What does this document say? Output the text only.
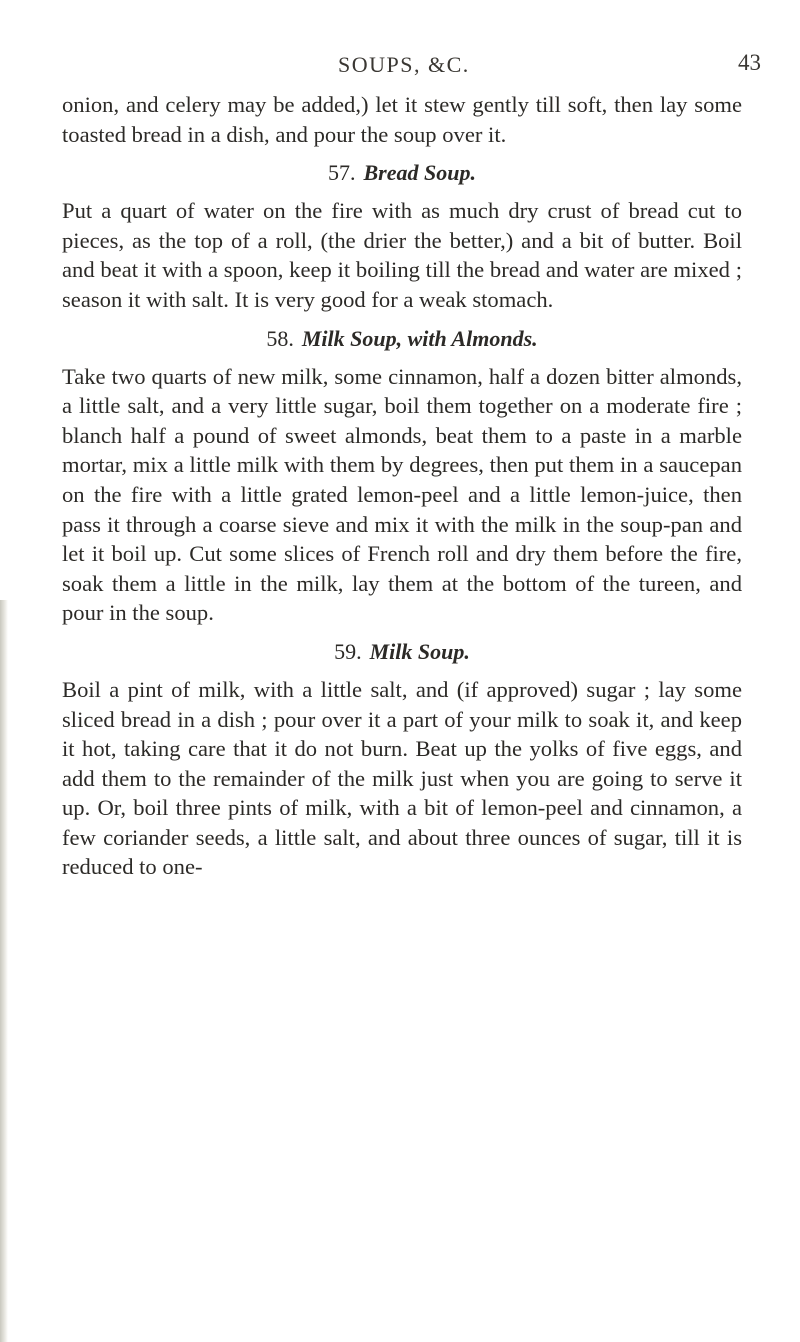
SOUPS, &C.	43

onion, and celery may be added,) let it stew gently till soft, then lay some toasted bread in a dish, and pour the soup over it.

57. Bread Soup.

Put a quart of water on the fire with as much dry crust of bread cut to pieces, as the top of a roll, (the drier the better,) and a bit of butter. Boil and beat it with a spoon, keep it boiling till the bread and water are mixed ; season it with salt. It is very good for a weak stomach.

58. Milk Soup, with Almonds.

Take two quarts of new milk, some cinnamon, half a dozen bitter almonds, a little salt, and a very little sugar, boil them together on a moderate fire ; blanch half a pound of sweet almonds, beat them to a paste in a marble mortar, mix a little milk with them by degrees, then put them in a saucepan on the fire with a little grated lemon-peel and a little lemon-juice, then pass it through a coarse sieve and mix it with the milk in the soup-pan and let it boil up. Cut some slices of French roll and dry them before the fire, soak them a little in the milk, lay them at the bottom of the tureen, and pour in the soup.

59. Milk Soup.

Boil a pint of milk, with a little salt, and (if approved) sugar ; lay some sliced bread in a dish ; pour over it a part of your milk to soak it, and keep it hot, taking care that it do not burn. Beat up the yolks of five eggs, and add them to the remainder of the milk just when you are going to serve it up. Or, boil three pints of milk, with a bit of lemon-peel and cinnamon, a few coriander seeds, a little salt, and about three ounces of sugar, till it is reduced to one-
